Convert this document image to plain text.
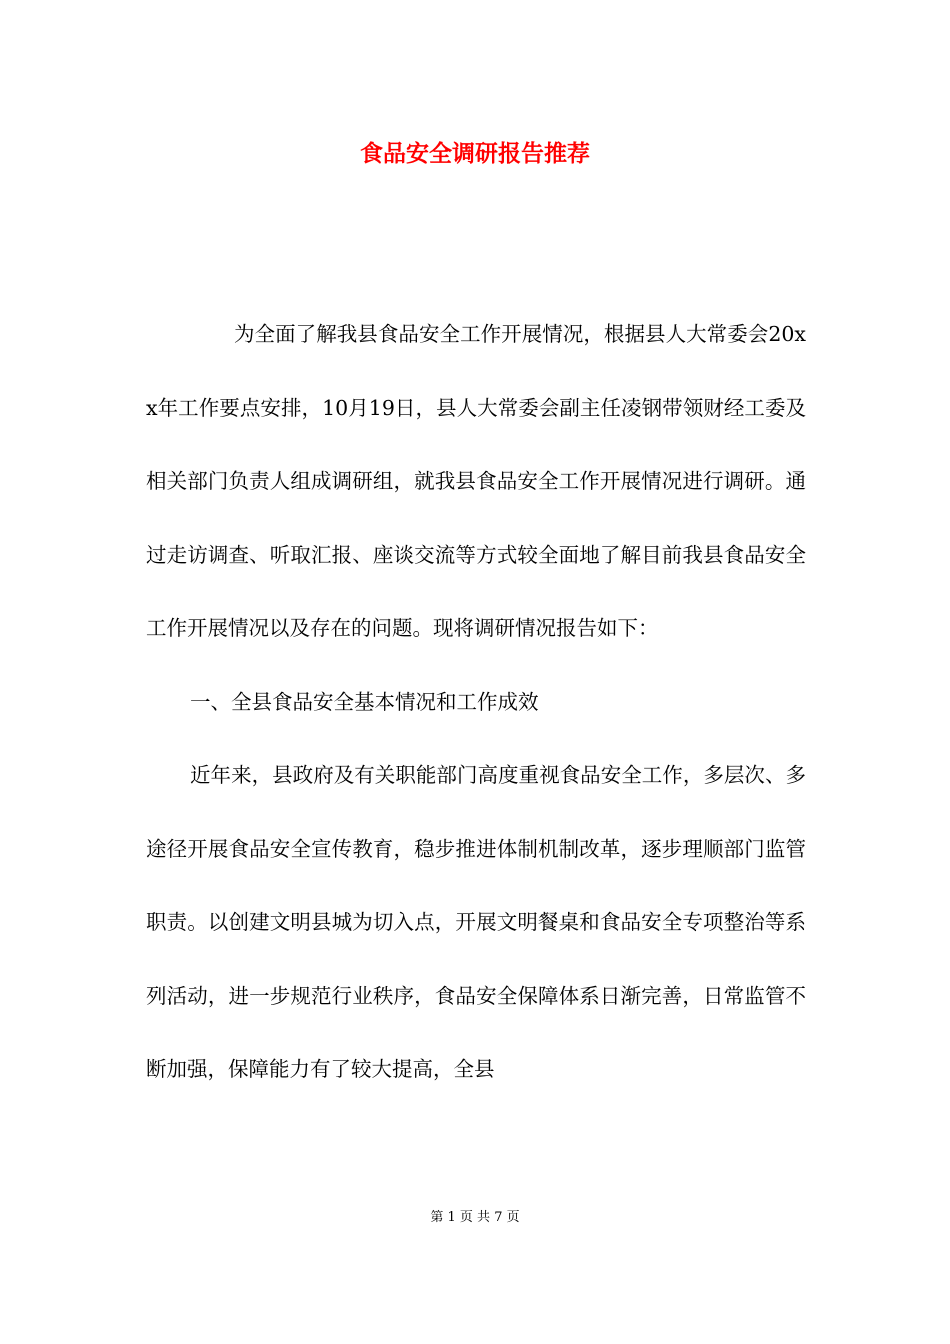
食品安全调研报告推荐

为全面了解我县食品安全工作开展情况，根据县人大常委会20xx年工作要点安排，10月19日，县人大常委会副主任凌钢带领财经工委及相关部门负责人组成调研组，就我县食品安全工作开展情况进行调研。通过走访调查、听取汇报、座谈交流等方式较全面地了解目前我县食品安全工作开展情况以及存在的问题。现将调研情况报告如下：

一、全县食品安全基本情况和工作成效

近年来，县政府及有关职能部门高度重视食品安全工作，多层次、多途径开展食品安全宣传教育，稳步推进体制机制改革，逐步理顺部门监管职责。以创建文明县城为切入点，开展文明餐桌和食品安全专项整治等系列活动，进一步规范行业秩序，食品安全保障体系日渐完善，日常监管不断加强，保障能力有了较大提高，全县

第 1 页 共 7 页
